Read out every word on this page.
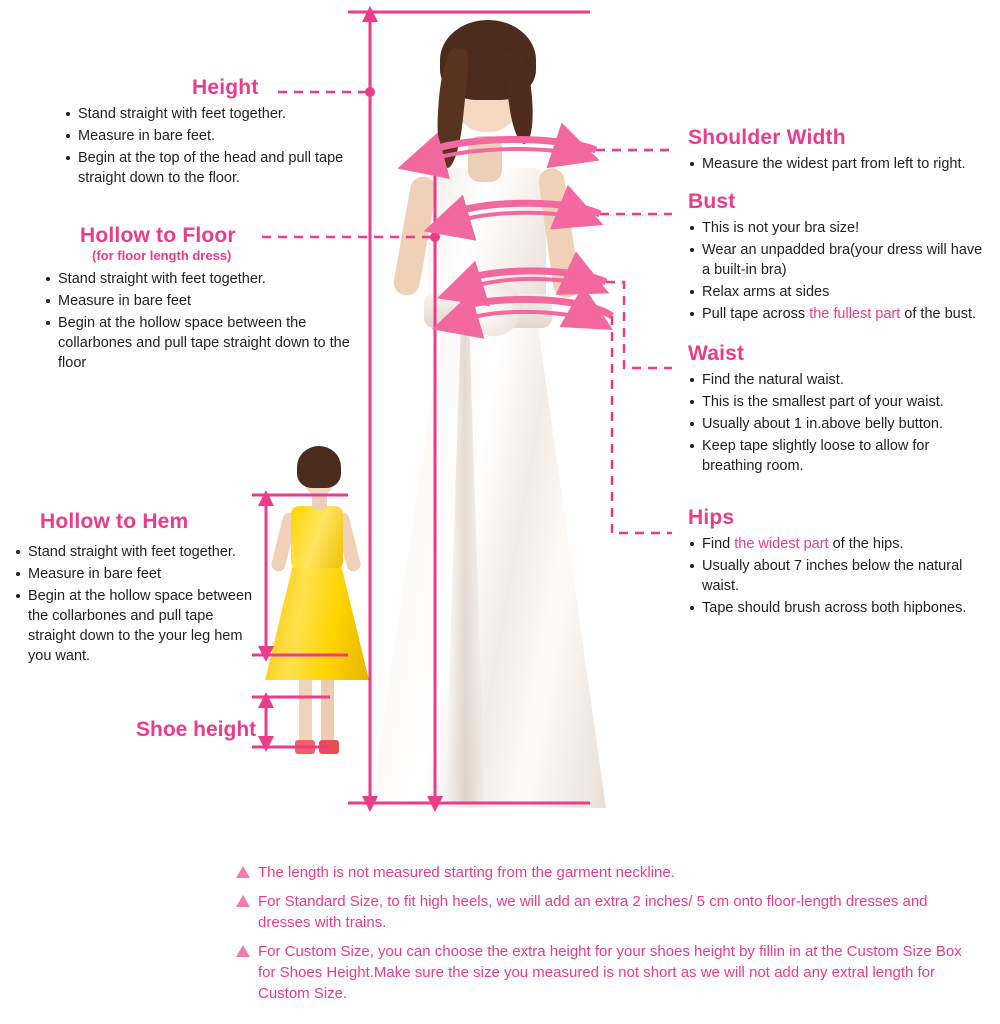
Height
Stand straight with feet together.
Measure in bare feet.
Begin at the top of the head and pull tape straight down to the floor.
Hollow to Floor
(for floor length dress)
Stand straight with feet together.
Measure in bare feet
Begin at the hollow space between the collarbones and pull tape straight down to the floor
Hollow to Hem
Stand straight with feet together.
Measure in bare feet
Begin at the hollow space between the collarbones and pull tape straight down to the your leg hem you want.
Shoe height
Shoulder Width
Measure the widest part from left to right.
Bust
This is not your bra size!
Wear an unpadded bra(your dress will have a built-in bra)
Relax arms at sides
Pull tape across the fullest part of the bust.
Waist
Find the natural waist.
This is the smallest part of your waist.
Usually about 1 in.above belly button.
Keep tape slightly loose to allow for breathing room.
Hips
Find the widest part of the hips.
Usually about 7 inches below the natural waist.
Tape should brush across both hipbones.
The length is not measured starting from the garment neckline.
For Standard Size, to fit high heels, we will add an extra 2 inches/ 5 cm onto floor-length dresses and dresses with trains.
For Custom Size, you can choose the extra height for your shoes height by fillin in at the Custom Size Box for Shoes Height.Make sure the size you measured is not short as we will not add any extral length for Custom Size.
